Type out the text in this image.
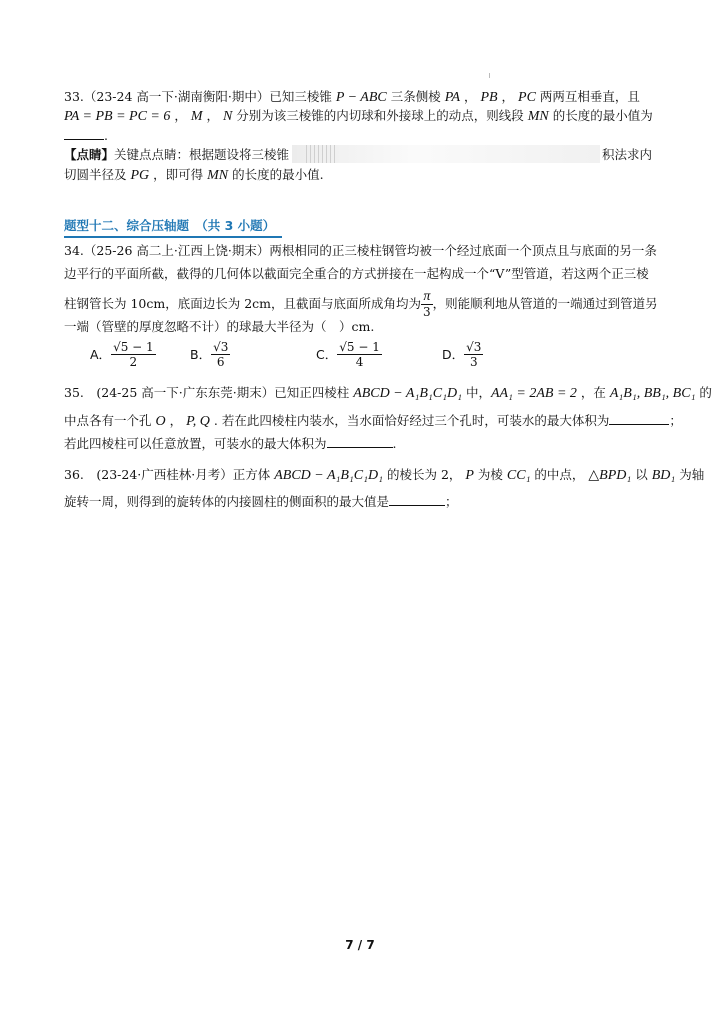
33.（23-24 高一下·湖南衡阳·期中）已知三棱锥 P − ABC 三条侧棱 PA ， PB ， PC 两两互相垂直，且
PA = PB = PC = 6 ， M ， N 分别为该三棱锥的内切球和外接球上的动点，则线段 MN 的长度的最小值为
.
【点睛】关键点点睛：根据题设将三棱锥	积法求内
切圆半径及 PG ，即可得 MN 的长度的最小值.
题型十二、综合压轴题　（共 3 小题）
34.（25-26 高二上·江西上饶·期末）两根相同的正三棱柱钢管均被一个经过底面一个顶点且与底面的另一条
边平行的平面所截，截得的几何体以截面完全重合的方式拼接在一起构成一个“V”型管道，若这两个正三棱
柱钢管长为 10cm，底面边长为 2cm，且截面与底面所成角均为 $\frac{\pi}{3}$ ，则能顺利地从管道的一端通过到管道另
一端（管壁的厚度忽略不计）的球最大半径为（　）cm.
A． $\frac{√5 - 1}{2}$	B． $\frac{√3}{6}$	C． $\frac{√5 - 1}{4}$	D． $\frac{√3}{3}$
35.　(24-25 高一下·广东东莞·期末）已知正四棱柱 ABCD − A₁B₁C₁D₁ 中，AA₁ = 2AB = 2 ，在 A₁B₁, BB₁, BC₁ 的
中点各有一个孔 O ， P, Q . 若在此四棱柱内装水，当水面恰好经过三个孔时，可装水的最大体积为	；
若此四棱柱可以任意放置，可装水的最大体积为	.
36.　(23-24·广西桂林·月考）正方体 ABCD − A₁B₁C₁D₁ 的棱长为 2， P 为棱 CC₁ 的中点， △BPD₁ 以 BD₁ 为轴
旋转一周，则得到的旋转体的内接圆柱的侧面积的最大值是	；
7 / 7
